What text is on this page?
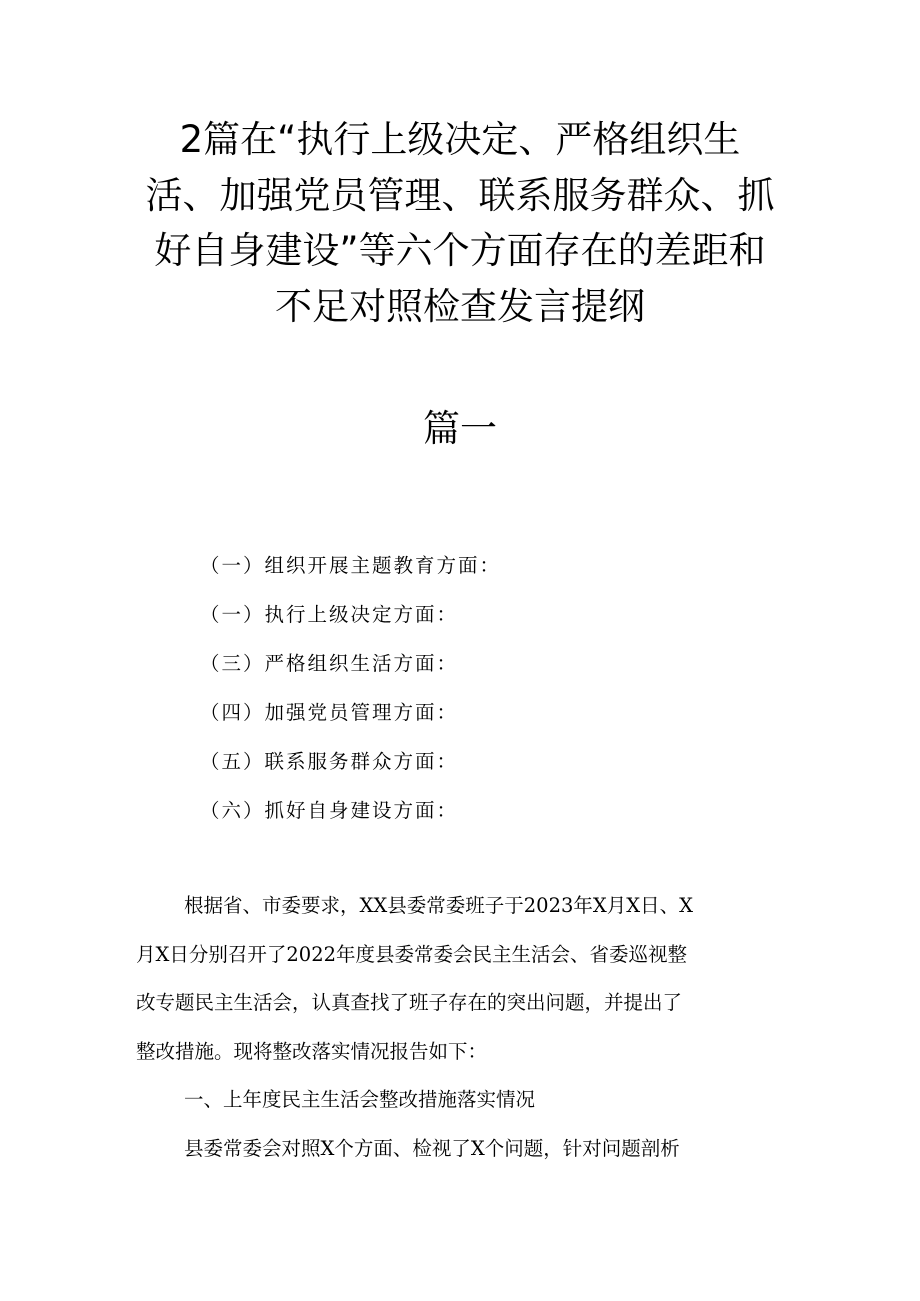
2篇在“执行上级决定、严格组织生
活、加强党员管理、联系服务群众、抓
好自身建设”等六个方面存在的差距和
不足对照检查发言提纲
篇一
（一）组织开展主题教育方面：
（一）执行上级决定方面：
（三）严格组织生活方面：
（四）加强党员管理方面：
（五）联系服务群众方面：
（六）抓好自身建设方面：
根据省、市委要求，XX县委常委班子于2023年X月X日、X
月X日分别召开了2022年度县委常委会民主生活会、省委巡视整
改专题民主生活会，认真查找了班子存在的突出问题，并提出了
整改措施。现将整改落实情况报告如下：
一、上年度民主生活会整改措施落实情况
县委常委会对照X个方面、检视了X个问题，针对问题剖析
